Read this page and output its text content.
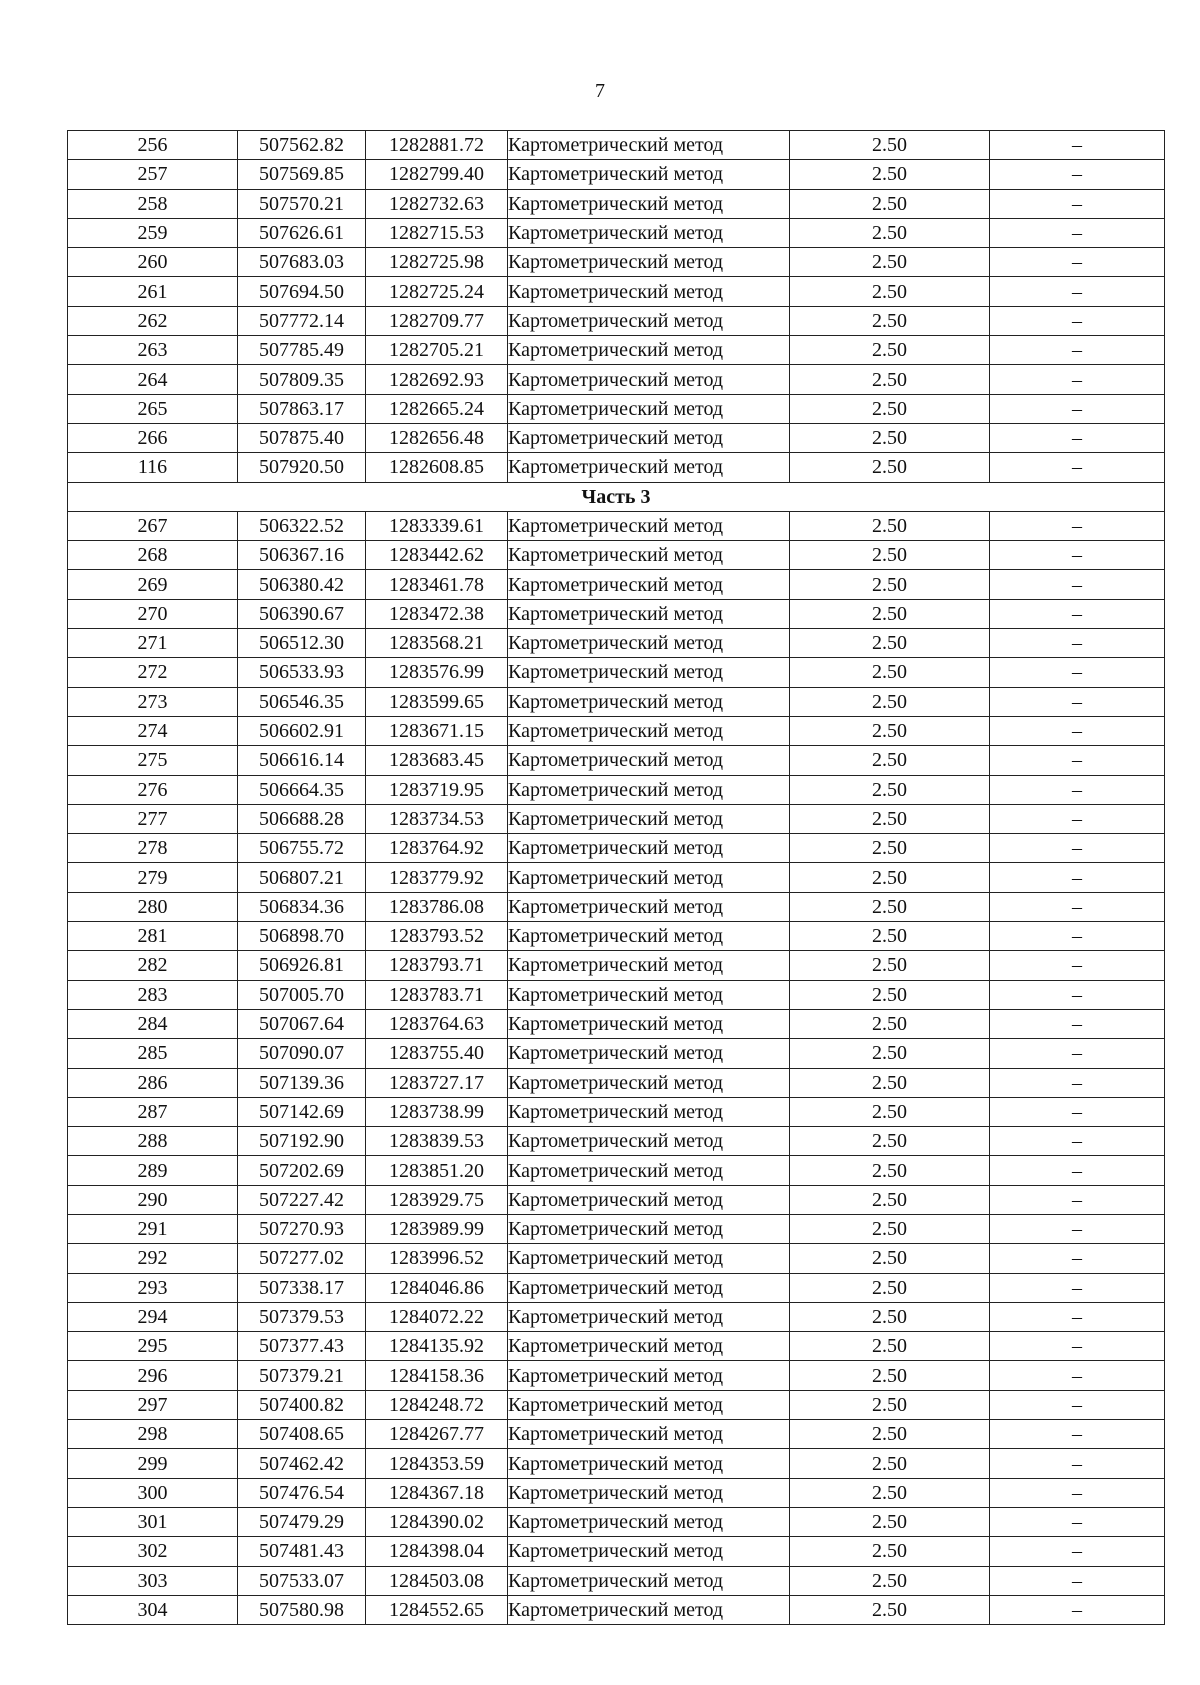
7
256	507562.82	1282881.72	Картометрический метод	2.50	–
257	507569.85	1282799.40	Картометрический метод	2.50	–
258	507570.21	1282732.63	Картометрический метод	2.50	–
259	507626.61	1282715.53	Картометрический метод	2.50	–
260	507683.03	1282725.98	Картометрический метод	2.50	–
261	507694.50	1282725.24	Картометрический метод	2.50	–
262	507772.14	1282709.77	Картометрический метод	2.50	–
263	507785.49	1282705.21	Картометрический метод	2.50	–
264	507809.35	1282692.93	Картометрический метод	2.50	–
265	507863.17	1282665.24	Картометрический метод	2.50	–
266	507875.40	1282656.48	Картометрический метод	2.50	–
116	507920.50	1282608.85	Картометрический метод	2.50	–
Часть 3					
267	506322.52	1283339.61	Картометрический метод	2.50	–
268	506367.16	1283442.62	Картометрический метод	2.50	–
269	506380.42	1283461.78	Картометрический метод	2.50	–
270	506390.67	1283472.38	Картометрический метод	2.50	–
271	506512.30	1283568.21	Картометрический метод	2.50	–
272	506533.93	1283576.99	Картометрический метод	2.50	–
273	506546.35	1283599.65	Картометрический метод	2.50	–
274	506602.91	1283671.15	Картометрический метод	2.50	–
275	506616.14	1283683.45	Картометрический метод	2.50	–
276	506664.35	1283719.95	Картометрический метод	2.50	–
277	506688.28	1283734.53	Картометрический метод	2.50	–
278	506755.72	1283764.92	Картометрический метод	2.50	–
279	506807.21	1283779.92	Картометрический метод	2.50	–
280	506834.36	1283786.08	Картометрический метод	2.50	–
281	506898.70	1283793.52	Картометрический метод	2.50	–
282	506926.81	1283793.71	Картометрический метод	2.50	–
283	507005.70	1283783.71	Картометрический метод	2.50	–
284	507067.64	1283764.63	Картометрический метод	2.50	–
285	507090.07	1283755.40	Картометрический метод	2.50	–
286	507139.36	1283727.17	Картометрический метод	2.50	–
287	507142.69	1283738.99	Картометрический метод	2.50	–
288	507192.90	1283839.53	Картометрический метод	2.50	–
289	507202.69	1283851.20	Картометрический метод	2.50	–
290	507227.42	1283929.75	Картометрический метод	2.50	–
291	507270.93	1283989.99	Картометрический метод	2.50	–
292	507277.02	1283996.52	Картометрический метод	2.50	–
293	507338.17	1284046.86	Картометрический метод	2.50	–
294	507379.53	1284072.22	Картометрический метод	2.50	–
295	507377.43	1284135.92	Картометрический метод	2.50	–
296	507379.21	1284158.36	Картометрический метод	2.50	–
297	507400.82	1284248.72	Картометрический метод	2.50	–
298	507408.65	1284267.77	Картометрический метод	2.50	–
299	507462.42	1284353.59	Картометрический метод	2.50	–
300	507476.54	1284367.18	Картометрический метод	2.50	–
301	507479.29	1284390.02	Картометрический метод	2.50	–
302	507481.43	1284398.04	Картометрический метод	2.50	–
303	507533.07	1284503.08	Картометрический метод	2.50	–
304	507580.98	1284552.65	Картометрический метод	2.50	–
